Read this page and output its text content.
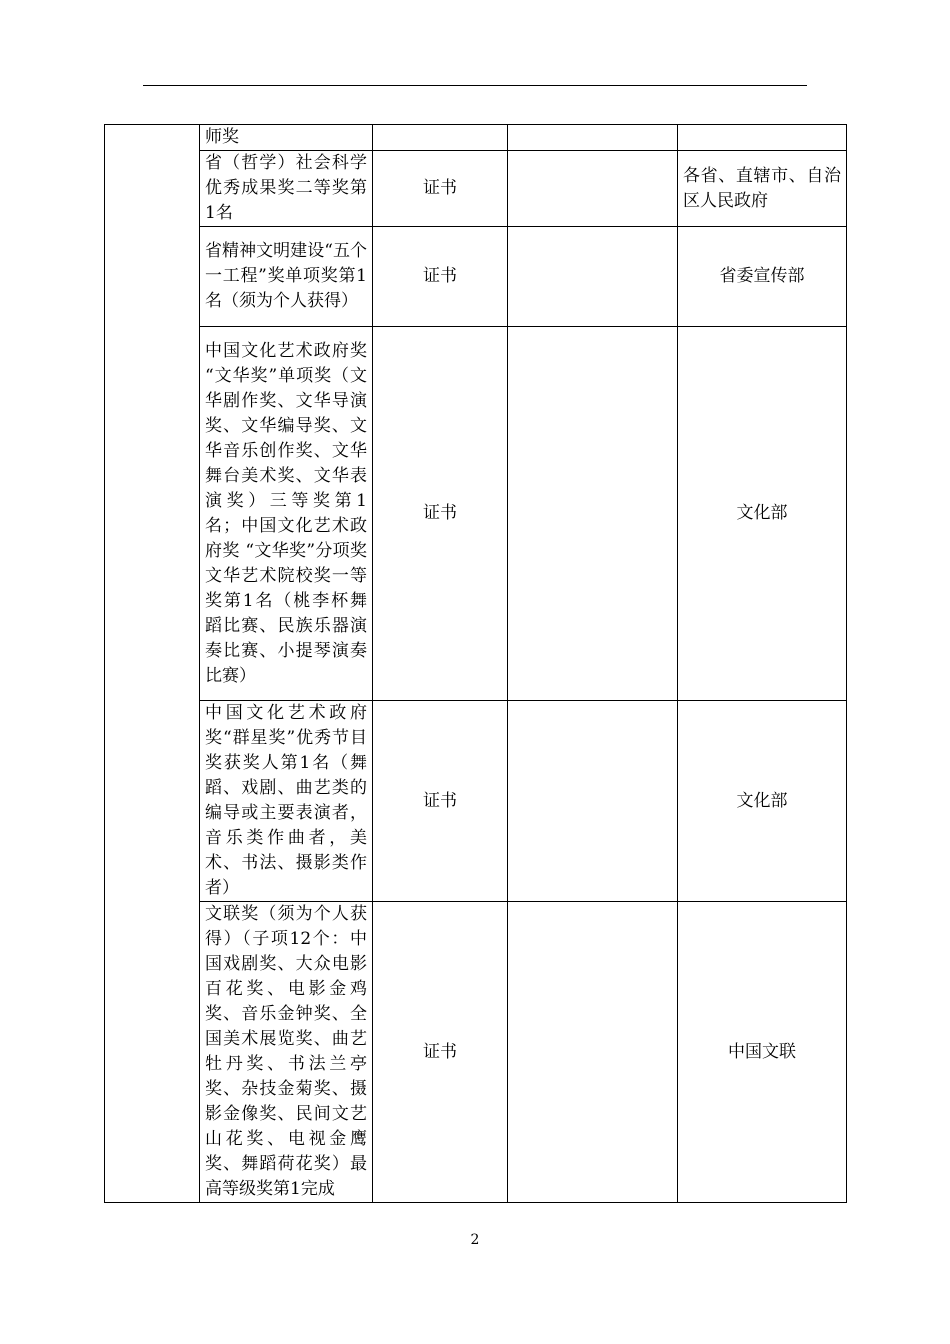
	师奖			
	省（哲学）社会科学优秀成果奖二等奖第1名	证书		各省、直辖市、自治区人民政府

	省精神文明建设“五个一工程”奖单项奖第1名（须为个人获得）	证书		省委宣传部
	中国文化艺术政府奖 “文华奖”单项奖（文华剧作奖、文华导演奖、文华编导奖、文华音乐创作奖、文华舞台美术奖、文华表演奖）三等奖第1名；中国文化艺术政府奖 “文华奖”分项奖文华艺术院校奖一等奖第1名（桃李杯舞蹈比赛、民族乐器演奏比赛、小提琴演奏比赛）	证书		文化部
	中国文化艺术政府奖“群星奖”优秀节目奖获奖人第1名（舞蹈、戏剧、曲艺类的编导或主要表演者，音乐类作曲者，美术、书法、摄影类作者）	证书		文化部
	文联奖（须为个人获得）（子项12个：中国戏剧奖、大众电影百花奖、电影金鸡奖、音乐金钟奖、全国美术展览奖、曲艺牡丹奖、书法兰亭奖、杂技金菊奖、摄影金像奖、民间文艺山花奖、电视金鹰奖、舞蹈荷花奖）最高等级奖第1完成	证书		中国文联
2
